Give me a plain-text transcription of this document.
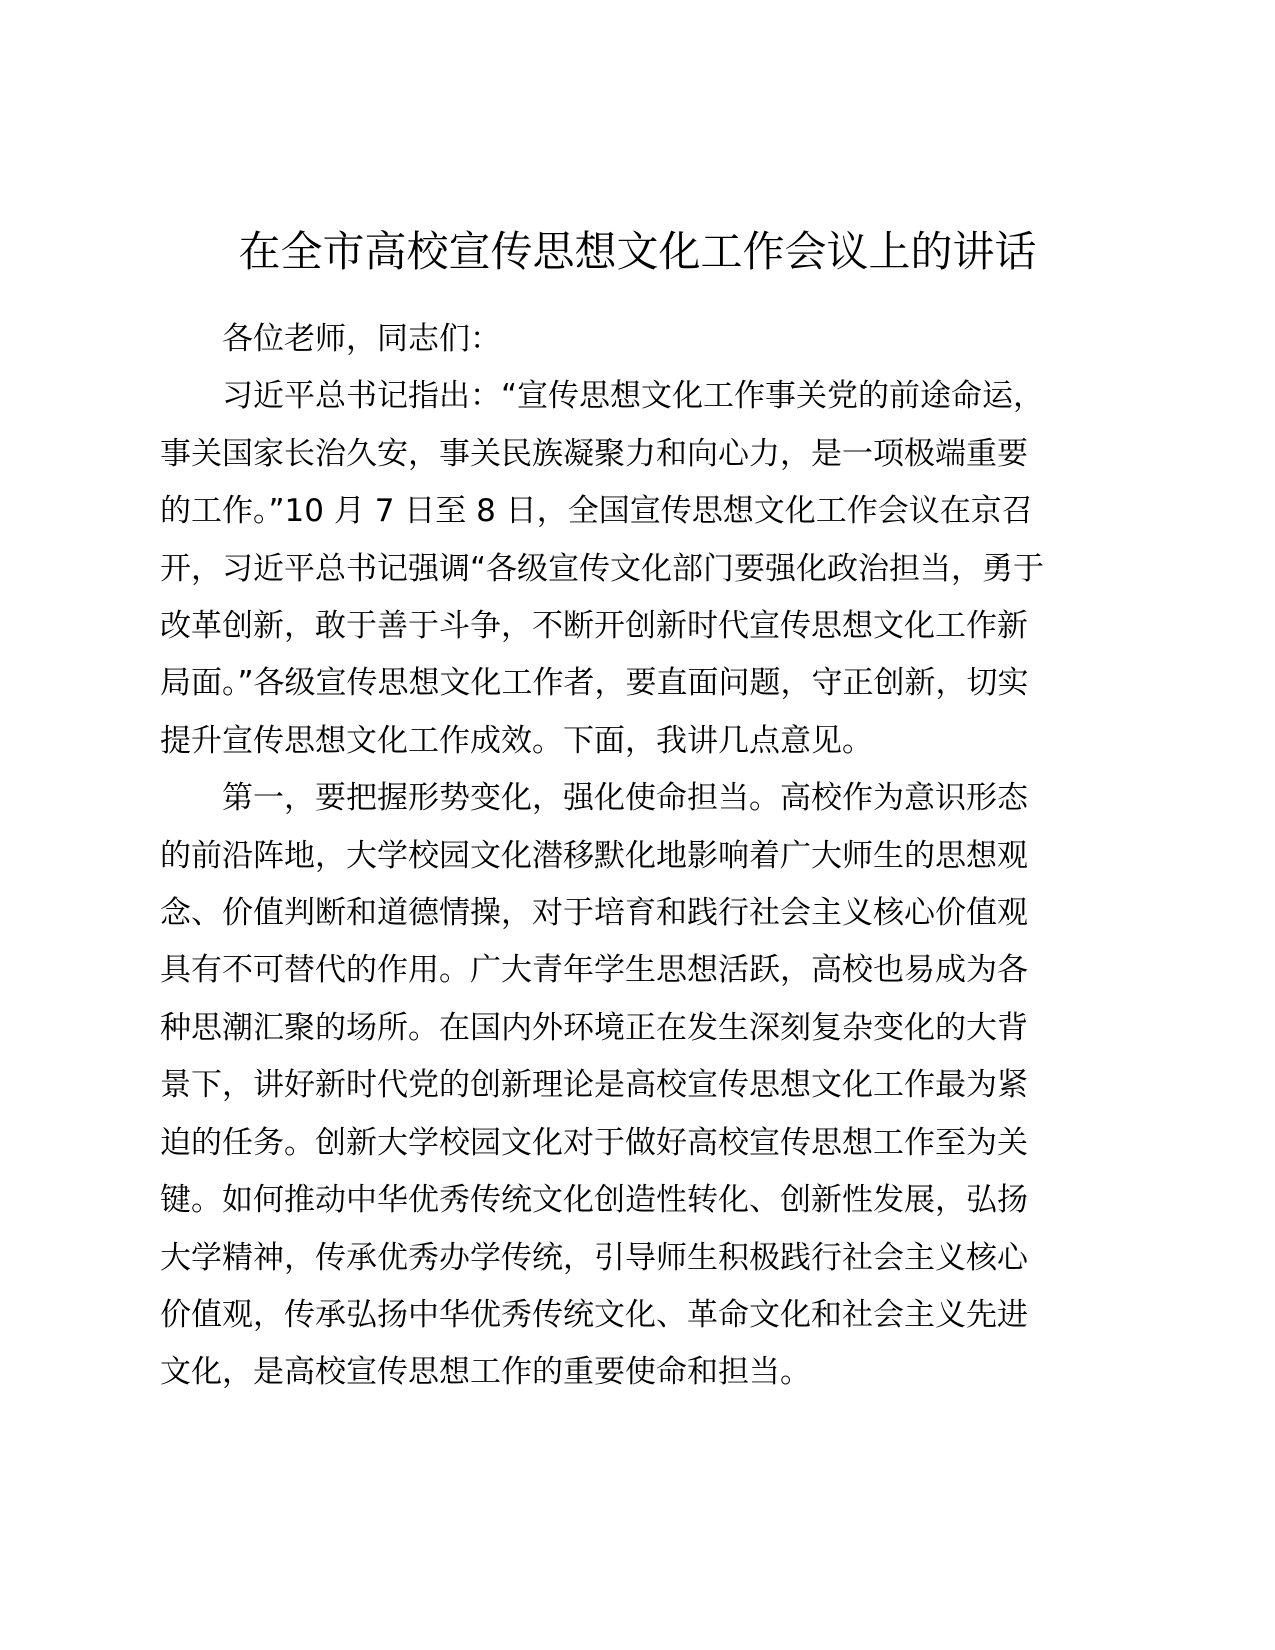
在全市高校宣传思想文化工作会议上的讲话

各位老师，同志们：

习近平总书记指出：“宣传思想文化工作事关党的前途命运，
事关国家长治久安，事关民族凝聚力和向心力，是一项极端重要
的工作。”10 月 7 日至 8 日，全国宣传思想文化工作会议在京召
开，习近平总书记强调“各级宣传文化部门要强化政治担当，勇于
改革创新，敢于善于斗争，不断开创新时代宣传思想文化工作新
局面。”各级宣传思想文化工作者，要直面问题，守正创新，切实
提升宣传思想文化工作成效。下面，我讲几点意见。

第一，要把握形势变化，强化使命担当。高校作为意识形态
的前沿阵地，大学校园文化潜移默化地影响着广大师生的思想观
念、价值判断和道德情操，对于培育和践行社会主义核心价值观
具有不可替代的作用。广大青年学生思想活跃，高校也易成为各
种思潮汇聚的场所。在国内外环境正在发生深刻复杂变化的大背
景下，讲好新时代党的创新理论是高校宣传思想文化工作最为紧
迫的任务。创新大学校园文化对于做好高校宣传思想工作至为关
键。如何推动中华优秀传统文化创造性转化、创新性发展，弘扬
大学精神，传承优秀办学传统，引导师生积极践行社会主义核心
价值观，传承弘扬中华优秀传统文化、革命文化和社会主义先进
文化，是高校宣传思想工作的重要使命和担当。
